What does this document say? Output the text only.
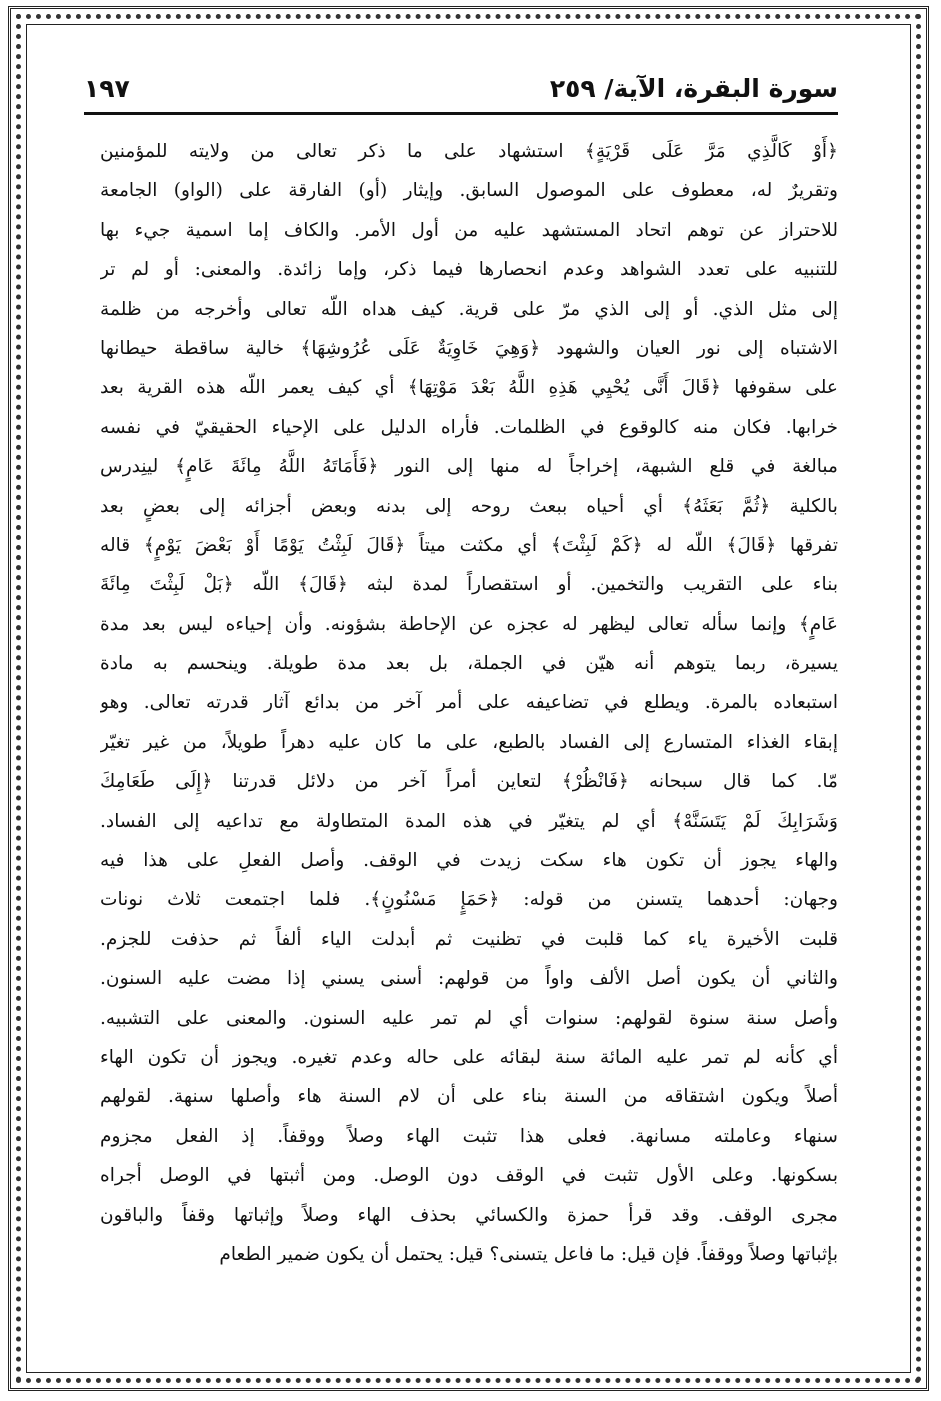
سورة البقرة، الآية/ ٢٥٩
١٩٧
﴿أَوْ كَالَّذِي مَرَّ عَلَى قَرْيَةٍ﴾ استشهاد على ما ذكر تعالى من ولايته للمؤمنين
وتقريرٌ له، معطوف على الموصول السابق. وإيثار (أو) الفارقة على (الواو) الجامعة
للاحتراز عن توهم اتحاد المستشهد عليه من أول الأمر. والكاف إما اسمية جيء بها
للتنبيه على تعدد الشواهد وعدم انحصارها فيما ذكر، وإما زائدة. والمعنى: أو لم تر
إلى مثل الذي. أو إلى الذي مرّ على قرية. كيف هداه اللّه تعالى وأخرجه من ظلمة
الاشتباه إلى نور العيان والشهود ﴿وَهِيَ خَاوِيَةٌ عَلَى عُرُوشِهَا﴾ خالية ساقطة حيطانها
على سقوفها ﴿قَالَ أَنَّى يُحْيِي هَذِهِ اللَّهُ بَعْدَ مَوْتِهَا﴾ أي كيف يعمر اللّه هذه القرية بعد
خرابها. فكان منه كالوقوع في الظلمات. فأراه الدليل على الإحياء الحقيقيّ في نفسه
مبالغة في قلع الشبهة، إخراجاً له منها إلى النور ﴿فَأَمَاتَهُ اللَّهُ مِائَةَ عَامٍ﴾ لينِدرس
بالكلية ﴿ثُمَّ بَعَثَهُ﴾ أي أحياه ببعث روحه إلى بدنه وبعض أجزائه إلى بعضٍ بعد
تفرقها ﴿قَالَ﴾ اللّه له ﴿كَمْ لَبِثْتَ﴾ أي مكثت ميتاً ﴿قَالَ لَبِثْتُ يَوْمًا أَوْ بَعْضَ يَوْمٍ﴾ قاله
بناء على التقريب والتخمين. أو استقصاراً لمدة لبثه ﴿قَالَ﴾ اللّه ﴿بَلْ لَبِثْتَ مِائَةَ
عَامٍ﴾ وإنما سأله تعالى ليظهر له عجزه عن الإحاطة بشؤونه. وأن إحياءه ليس بعد مدة
يسيرة، ربما يتوهم أنه هيّن في الجملة، بل بعد مدة طويلة. وينحسم به مادة
استبعاده بالمرة. ويطلع في تضاعيفه على أمر آخر من بدائع آثار قدرته تعالى. وهو
إبقاء الغذاء المتسارع إلى الفساد بالطبع، على ما كان عليه دهراً طويلاً، من غير تغيّر
مّا. كما قال سبحانه ﴿فَانْظُرْ﴾ لتعاين أمراً آخر من دلائل قدرتنا ﴿إِلَى طَعَامِكَ
وَشَرَابِكَ لَمْ يَتَسَنَّهْ﴾ أي لم يتغيّر في هذه المدة المتطاولة مع تداعيه إلى الفساد.
والهاء يجوز أن تكون هاء سكت زيدت في الوقف. وأصل الفعلِ على هذا فيه
وجهان: أحدهما يتسنن من قوله: ﴿حَمَإٍ مَسْنُونٍ﴾. فلما اجتمعت ثلاث نونات
قلبت الأخيرة ياء كما قلبت في تظنيت ثم أبدلت الياء ألفاً ثم حذفت للجزم.
والثاني أن يكون أصل الألف واواً من قولهم: أسنى يسني إذا مضت عليه السنون.
وأصل سنة سنوة لقولهم: سنوات أي لم تمر عليه السنون. والمعنى على التشبيه.
أي كأنه لم تمر عليه المائة سنة لبقائه على حاله وعدم تغيره. ويجوز أن تكون الهاء
أصلاً ويكون اشتقاقه من السنة بناء على أن لام السنة هاء وأصلها سنهة. لقولهم
سنهاء وعاملته مسانهة. فعلى هذا تثبت الهاء وصلاً ووقفاً. إذ الفعل مجزوم
بسكونها. وعلى الأول تثبت في الوقف دون الوصل. ومن أثبتها في الوصل أجراه
مجرى الوقف. وقد قرأ حمزة والكسائي بحذف الهاء وصلاً وإثباتها وقفاً والباقون
بإثباتها وصلاً ووقفاً. فإن قيل: ما فاعل يتسنى؟ قيل: يحتمل أن يكون ضمير الطعام
